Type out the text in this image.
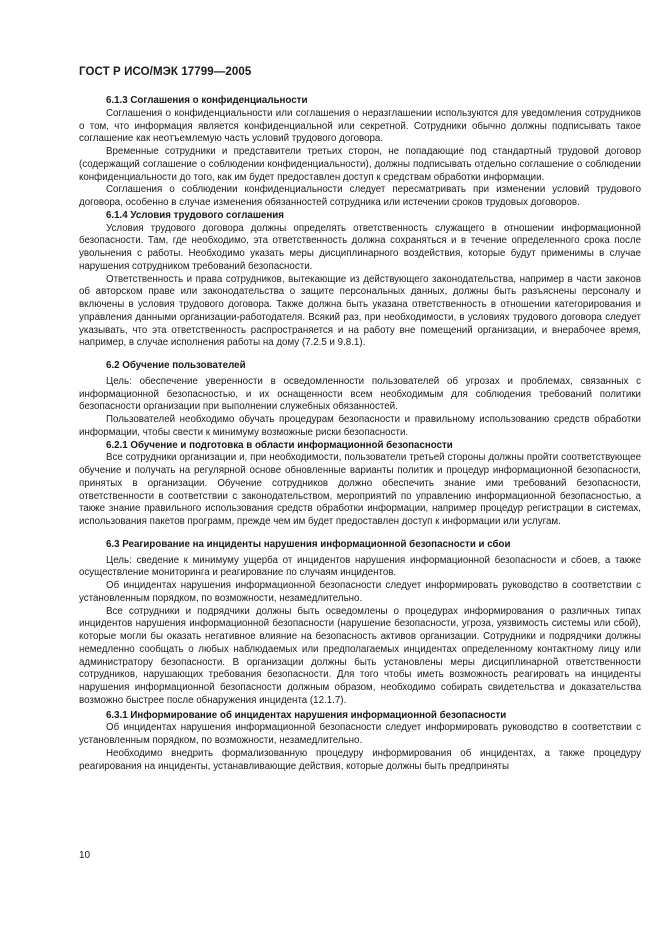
ГОСТ Р ИСО/МЭК 17799—2005
6.1.3 Соглашения о конфиденциальности

Соглашения о конфиденциальности или соглашения о неразглашении используются для уведомления сотрудников о том, что информация является конфиденциальной или секретной. Сотрудники обычно должны подписывать такое соглашение как неотъемлемую часть условий трудового договора.

Временные сотрудники и представители третьих сторон, не попадающие под стандартный трудовой договор (содержащий соглашение о соблюдении конфиденциальности), должны подписывать отдельно соглашение о соблюдении конфиденциальности до того, как им будет предоставлен доступ к средствам обработки информации.

Соглашения о соблюдении конфиденциальности следует пересматривать при изменении условий трудового договора, особенно в случае изменения обязанностей сотрудника или истечении сроков трудовых договоров.

6.1.4 Условия трудового соглашения

Условия трудового договора должны определять ответственность служащего в отношении информационной безопасности. Там, где необходимо, эта ответственность должна сохраняться и в течение определенного срока после увольнения с работы. Необходимо указать меры дисциплинарного воздействия, которые будут применимы в случае нарушения сотрудником требований безопасности.

Ответственность и права сотрудников, вытекающие из действующего законодательства, например в части законов об авторском праве или законодательства о защите персональных данных, должны быть разъяснены персоналу и включены в условия трудового договора. Также должна быть указана ответственность в отношении категорирования и управления данными организации-работодателя. Всякий раз, при необходимости, в условиях трудового договора следует указывать, что эта ответственность распространяется и на работу вне помещений организации, и внерабочее время, например, в случае исполнения работы на дому (7.2.5 и 9.8.1).

6.2 Обучение пользователей

Цель: обеспечение уверенности в осведомленности пользователей об угрозах и проблемах, связанных с информационной безопасностью, и их оснащенности всем необходимым для соблюдения требований политики безопасности организации при выполнении служебных обязанностей.

Пользователей необходимо обучать процедурам безопасности и правильному использованию средств обработки информации, чтобы свести к минимуму возможные риски безопасности.

6.2.1 Обучение и подготовка в области информационной безопасности

Все сотрудники организации и, при необходимости, пользователи третьей стороны должны пройти соответствующее обучение и получать на регулярной основе обновленные варианты политик и процедур информационной безопасности, принятых в организации. Обучение сотрудников должно обеспечить знание ими требований безопасности, ответственности в соответствии с законодательством, мероприятий по управлению информационной безопасностью, а также знание правильного использования средств обработки информации, например процедур регистрации в системах, использования пакетов программ, прежде чем им будет предоставлен доступ к информации или услугам.

6.3 Реагирование на инциденты нарушения информационной безопасности и сбои

Цель: сведение к минимуму ущерба от инцидентов нарушения информационной безопасности и сбоев, а также осуществление мониторинга и реагирование по случаям инцидентов.

Об инцидентах нарушения информационной безопасности следует информировать руководство в соответствии с установленным порядком, по возможности, незамедлительно.

Все сотрудники и подрядчики должны быть осведомлены о процедурах информирования о различных типах инцидентов нарушения информационной безопасности (нарушение безопасности, угроза, уязвимость системы или сбой), которые могли бы оказать негативное влияние на безопасность активов организации. Сотрудники и подрядчики должны немедленно сообщать о любых наблюдаемых или предполагаемых инцидентах определенному контактному лицу или администратору безопасности. В организации должны быть установлены меры дисциплинарной ответственности сотрудников, нарушающих требования безопасности. Для того чтобы иметь возможность реагировать на инциденты нарушения информационной безопасности должным образом, необходимо собирать свидетельства и доказательства возможно быстрее после обнаружения инцидента (12.1.7).

6.3.1 Информирование об инцидентах нарушения информационной безопасности

Об инцидентах нарушения информационной безопасности следует информировать руководство в соответствии с установленным порядком, по возможности, незамедлительно.

Необходимо внедрить формализованную процедуру информирования об инцидентах, а также процедуру реагирования на инциденты, устанавливающие действия, которые должны быть предприняты

10
